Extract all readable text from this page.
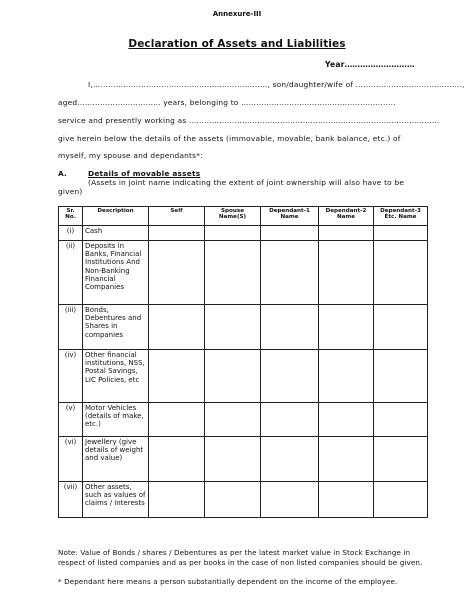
Annexure-III
Declaration of Assets and Liabilities
Year………………………
I,……………………………………………………………, son/daughter/wife of …..……………………………….,
aged…………………………… years, belonging to ……………………………………...................
service and presently working as ………………………………………………………………………………………
give herein below the details of the assets (immovable, movable, bank balance, etc.) of
myself, my spouse and dependants*:
A.	Details of movable assets
(Assets in joint name indicating the extent of joint ownership will also have to be
given)
Sr. No.	Description	Self	Spouse Name(S)	Dependant-1 Name	Dependant-2 Name	Dependant-3 Etc. Name
(i)	Cash					
(ii)	Deposits in Banks, Financial Institutions And Non-Banking Financial Companies					
(iii)	Bonds, Debentures and Shares in companies					
(iv)	Other financial institutions, NSS, Postal Savings, LIC Policies, etc					
(v)	Motor Vehicles (details of make, etc.)					
(vi)	Jewellery (give details of weight and value)					
(vii)	Other assets, such as values of claims / interests					
Note: Value of Bonds / shares / Debentures as per the latest market value in Stock Exchange in respect of listed companies and as per books in the case of non listed companies should be given.
* Dependant here means a person substantially dependent on the income of the employee.
